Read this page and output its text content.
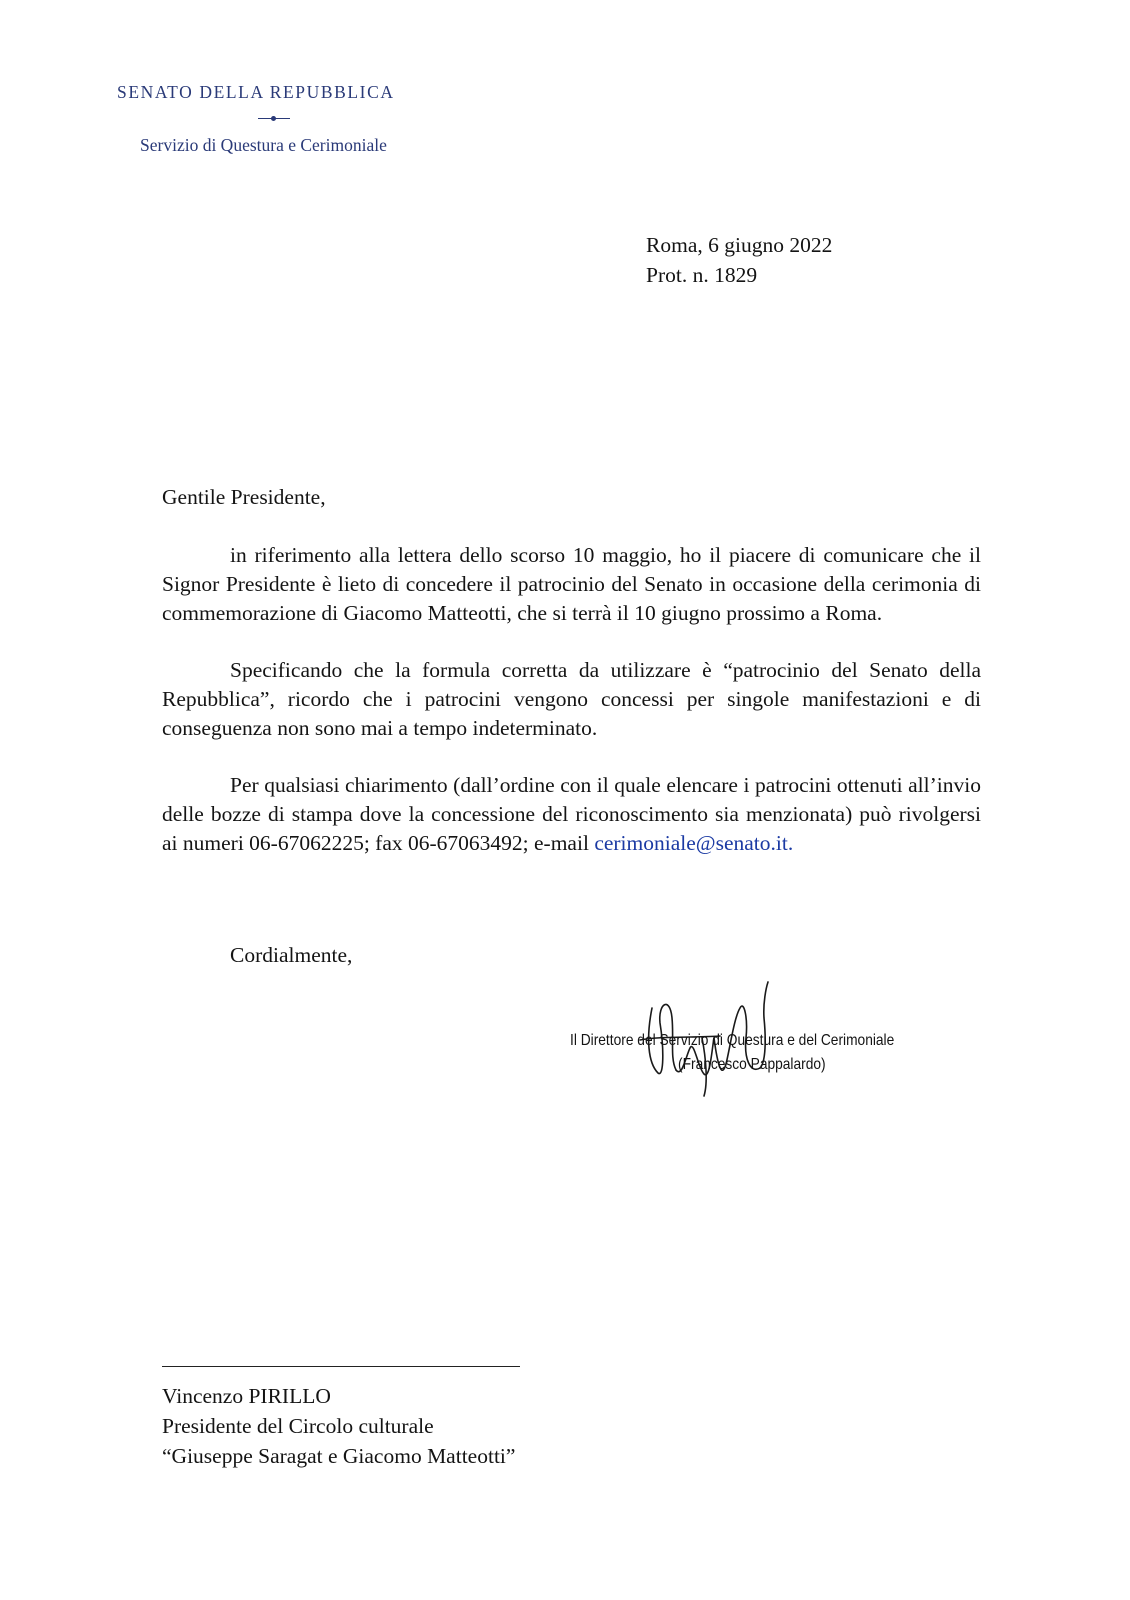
SENATO DELLA REPUBBLICA
Servizio di Questura e Cerimoniale
Roma, 6 giugno 2022
Prot. n. 1829
Gentile Presidente,

in riferimento alla lettera dello scorso 10 maggio, ho il piacere di comunicare che il Signor Presidente è lieto di concedere il patrocinio del Senato in occasione della cerimonia di commemorazione di Giacomo Matteotti, che si terrà il 10 giugno prossimo a Roma.

Specificando che la formula corretta da utilizzare è “patrocinio del Senato della Repubblica”, ricordo che i patrocini vengono concessi per singole manifestazioni e di conseguenza non sono mai a tempo indeterminato.

Per qualsiasi chiarimento (dall’ordine con il quale elencare i patrocini ottenuti all’invio delle bozze di stampa dove la concessione del riconoscimento sia menzionata) può rivolgersi ai numeri 06-67062225; fax 06-67063492; e-mail cerimoniale@senato.it.

Cordialmente,
Il Direttore del Servizio di Questura e del Cerimoniale
(Francesco Pappalardo)
Vincenzo PIRILLO
Presidente del Circolo culturale
“Giuseppe Saragat e Giacomo Matteotti”
